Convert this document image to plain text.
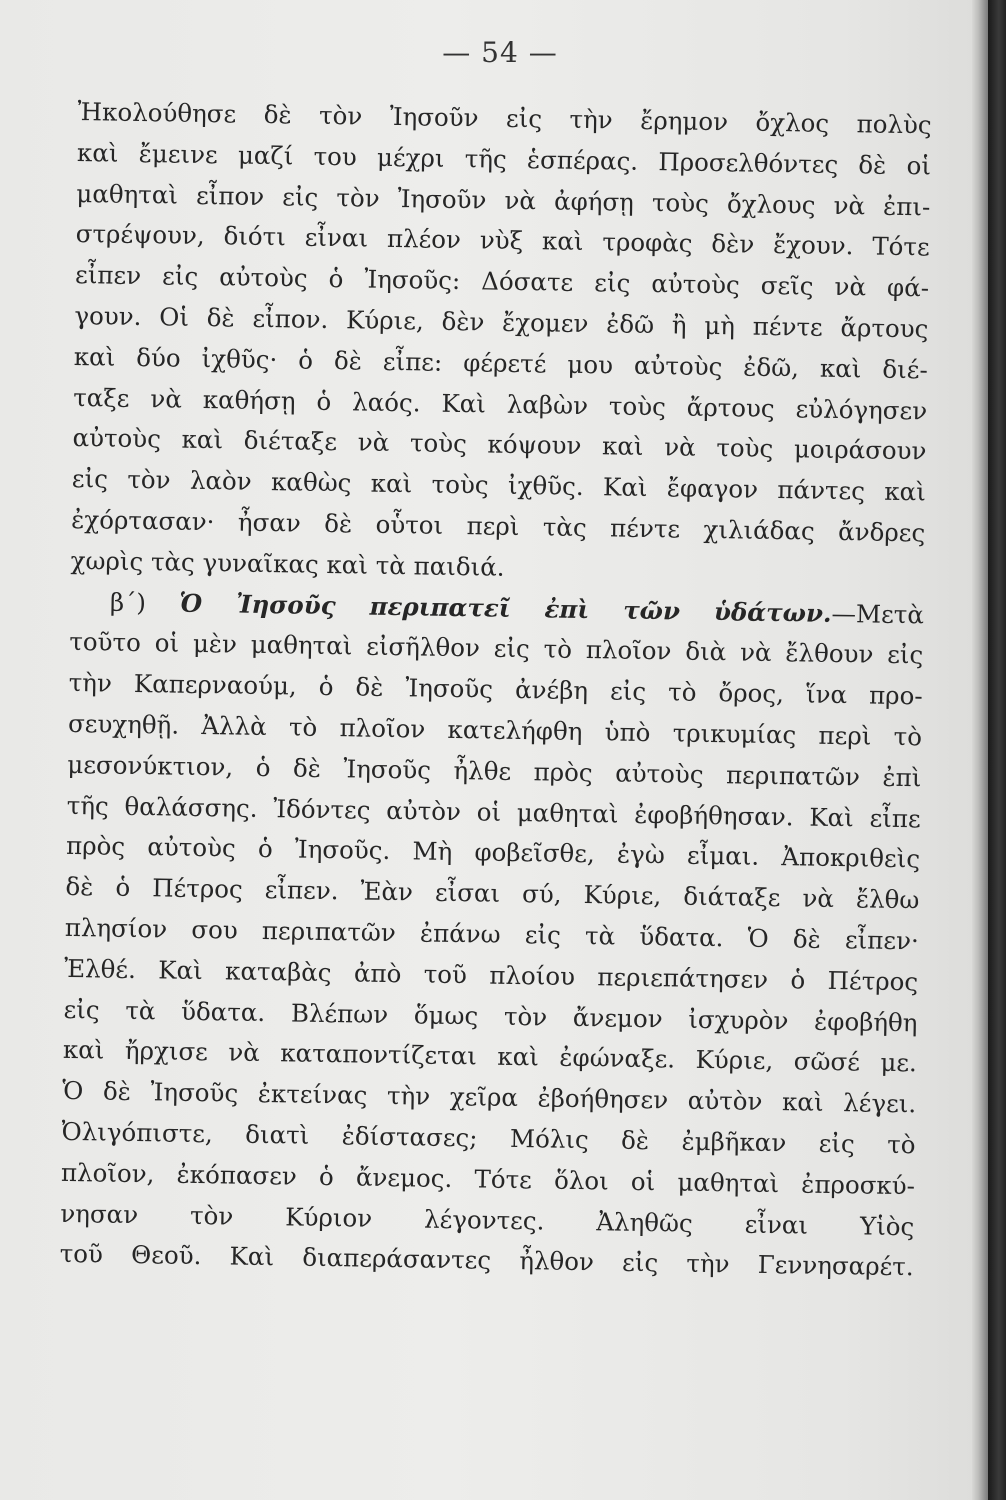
— 54 —
Ἠκολούθησε δὲ τὸν Ἰησοῦν εἰς τὴν ἔρημον ὄχλος πολὺς
καὶ ἔμεινε μαζί του μέχρι τῆς ἑσπέρας. Προσελθόντες δὲ οἱ
μαθηταὶ εἶπον εἰς τὸν Ἰησοῦν νὰ ἀφήσῃ τοὺς ὄχλους νὰ ἐπι-
στρέψουν, διότι εἶναι πλέον νὺξ καὶ τροφὰς δὲν ἔχουν. Τότε
εἶπεν εἰς αὐτοὺς ὁ Ἰησοῦς: Δόσατε εἰς αὐτοὺς σεῖς νὰ φά-
γουν. Οἱ δὲ εἶπον. Κύριε, δὲν ἔχομεν ἐδῶ ἢ μὴ πέντε ἄρτους
καὶ δύο ἰχθῦς· ὁ δὲ εἶπε: φέρετέ μου αὐτοὺς ἐδῶ, καὶ διέ-
ταξε νὰ καθήσῃ ὁ λαός. Καὶ λαβὼν τοὺς ἄρτους εὐλόγησεν
αὐτοὺς καὶ διέταξε νὰ τοὺς κόψουν καὶ νὰ τοὺς μοιράσουν
εἰς τὸν λαὸν καθὼς καὶ τοὺς ἰχθῦς. Καὶ ἔφαγον πάντες καὶ
ἐχόρτασαν· ἦσαν δὲ οὗτοι περὶ τὰς πέντε χιλιάδας ἄνδρες
χωρὶς τὰς γυναῖκας καὶ τὰ παιδιά.
β΄) Ὁ Ἰησοῦς περιπατεῖ ἐπὶ τῶν ὑδάτων.—Μετὰ
τοῦτο οἱ μὲν μαθηταὶ εἰσῆλθον εἰς τὸ πλοῖον διὰ νὰ ἔλθουν εἰς
τὴν Καπερναούμ, ὁ δὲ Ἰησοῦς ἀνέβη εἰς τὸ ὄρος, ἵνα προ-
σευχηθῇ. Ἀλλὰ τὸ πλοῖον κατελήφθη ὑπὸ τρικυμίας περὶ τὸ
μεσονύκτιον, ὁ δὲ Ἰησοῦς ἦλθε πρὸς αὐτοὺς περιπατῶν ἐπὶ
τῆς θαλάσσης. Ἰδόντες αὐτὸν οἱ μαθηταὶ ἐφοβήθησαν. Καὶ εἶπε
πρὸς αὐτοὺς ὁ Ἰησοῦς. Μὴ φοβεῖσθε, ἐγὼ εἶμαι. Ἀποκριθεὶς
δὲ ὁ Πέτρος εἶπεν. Ἐὰν εἶσαι σύ, Κύριε, διάταξε νὰ ἔλθω
πλησίον σου περιπατῶν ἐπάνω εἰς τὰ ὕδατα. Ὁ δὲ εἶπεν·
Ἐλθέ. Καὶ καταβὰς ἀπὸ τοῦ πλοίου περιεπάτησεν ὁ Πέτρος
εἰς τὰ ὕδατα. Βλέπων ὅμως τὸν ἄνεμον ἰσχυρὸν ἐφοβήθη
καὶ ἤρχισε νὰ καταποντίζεται καὶ ἐφώναξε. Κύριε, σῶσέ με.
Ὁ δὲ Ἰησοῦς ἐκτείνας τὴν χεῖρα ἐβοήθησεν αὐτὸν καὶ λέγει.
Ὀλιγόπιστε, διατὶ ἐδίστασες; Μόλις δὲ ἐμβῆκαν εἰς τὸ
πλοῖον, ἐκόπασεν ὁ ἄνεμος. Τότε ὅλοι οἱ μαθηταὶ ἐπροσκύ-
νησαν τὸν Κύριον λέγοντες. Ἀληθῶς εἶναι Υἱὸς
τοῦ Θεοῦ. Καὶ διαπεράσαντες ἦλθον εἰς τὴν Γεννησαρέτ.
